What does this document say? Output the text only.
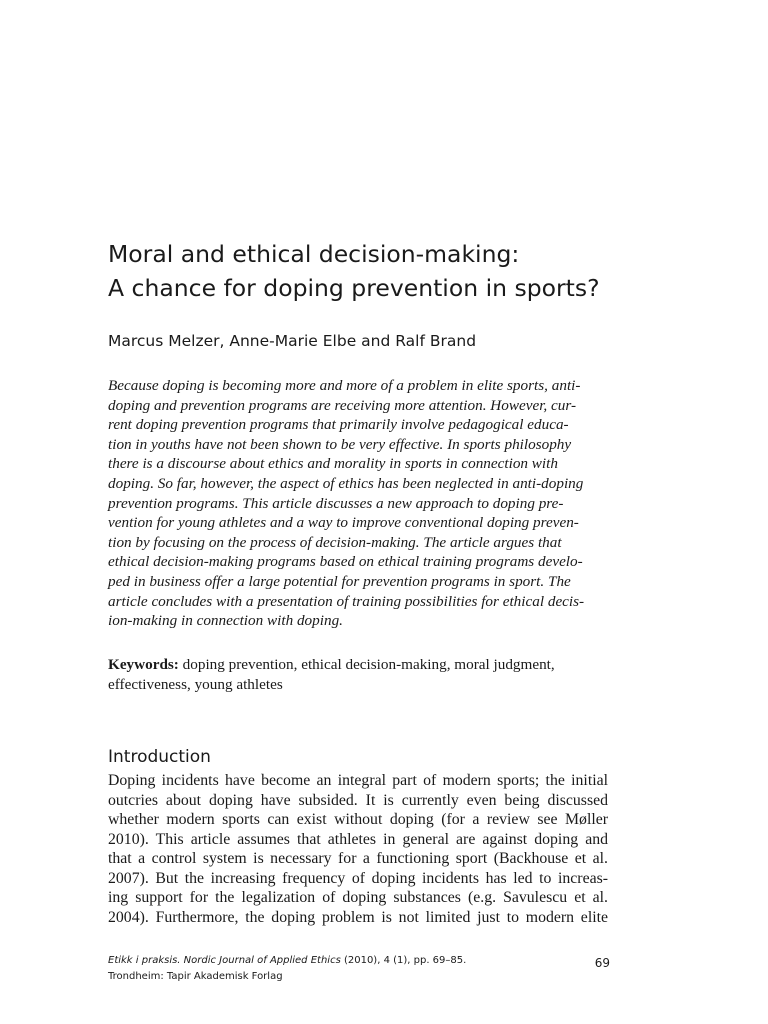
Moral and ethical decision-making:
A chance for doping prevention in sports?
Marcus Melzer, Anne-Marie Elbe and Ralf Brand
Because doping is becoming more and more of a problem in elite sports, anti-
doping and prevention programs are receiving more attention. However, cur-
rent doping prevention programs that primarily involve pedagogical educa-
tion in youths have not been shown to be very effective. In sports philosophy
there is a discourse about ethics and morality in sports in connection with
doping. So far, however, the aspect of ethics has been neglected in anti-doping
prevention programs. This article discusses a new approach to doping pre-
vention for young athletes and a way to improve conventional doping preven-
tion by focusing on the process of decision-making. The article argues that
ethical decision-making programs based on ethical training programs develo-
ped in business offer a large potential for prevention programs in sport. The
article concludes with a presentation of training possibilities for ethical decis-
ion-making in connection with doping.
Keywords: doping prevention, ethical decision-making, moral judgment,
effectiveness, young athletes
Introduction
Doping incidents have become an integral part of modern sports; the initial
outcries about doping have subsided. It is currently even being discussed
whether modern sports can exist without doping (for a review see Møller
2010). This article assumes that athletes in general are against doping and
that a control system is necessary for a functioning sport (Backhouse et al.
2007). But the increasing frequency of doping incidents has led to increas-
ing support for the legalization of doping substances (e.g. Savulescu et al.
2004). Furthermore, the doping problem is not limited just to modern elite
Etikk i praksis. Nordic Journal of Applied Ethics (2010), 4 (1), pp. 69–85.
Trondheim: Tapir Akademisk Forlag
69
